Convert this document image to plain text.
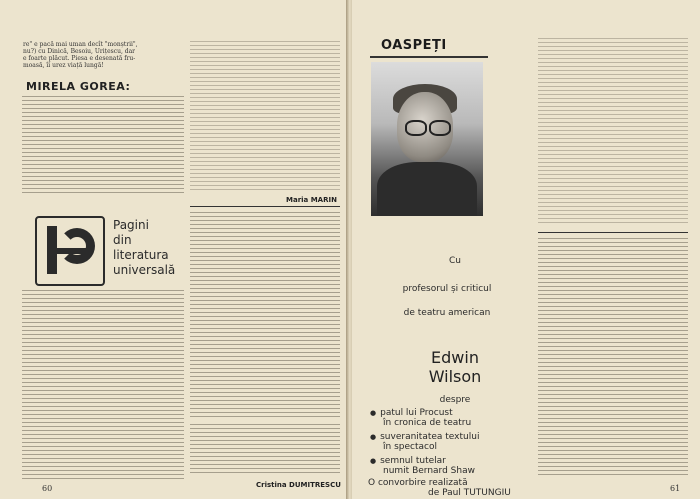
re" e pacă mai uman decît "monștrii",
nu?) cu Dinică, Besoiu, Urițescu, dar
e foarte plăcut. Piesa e desenată fru-
moasă, îi urez viață lungă!
MIRELA GOREA:
Pagini
din
literatura
universală
Maria MARIN
Cristina DUMITRESCU
60
OASPEȚI
Cu
profesorul și criticul
de teatru american
Edwin
Wilson
despre
● patul lui Procust
în cronica de teatru
● suveranitatea textului
în spectacol
● semnul tutelar
numit Bernard Shaw
O convorbire realizată
de Paul TUTUNGIU	61
